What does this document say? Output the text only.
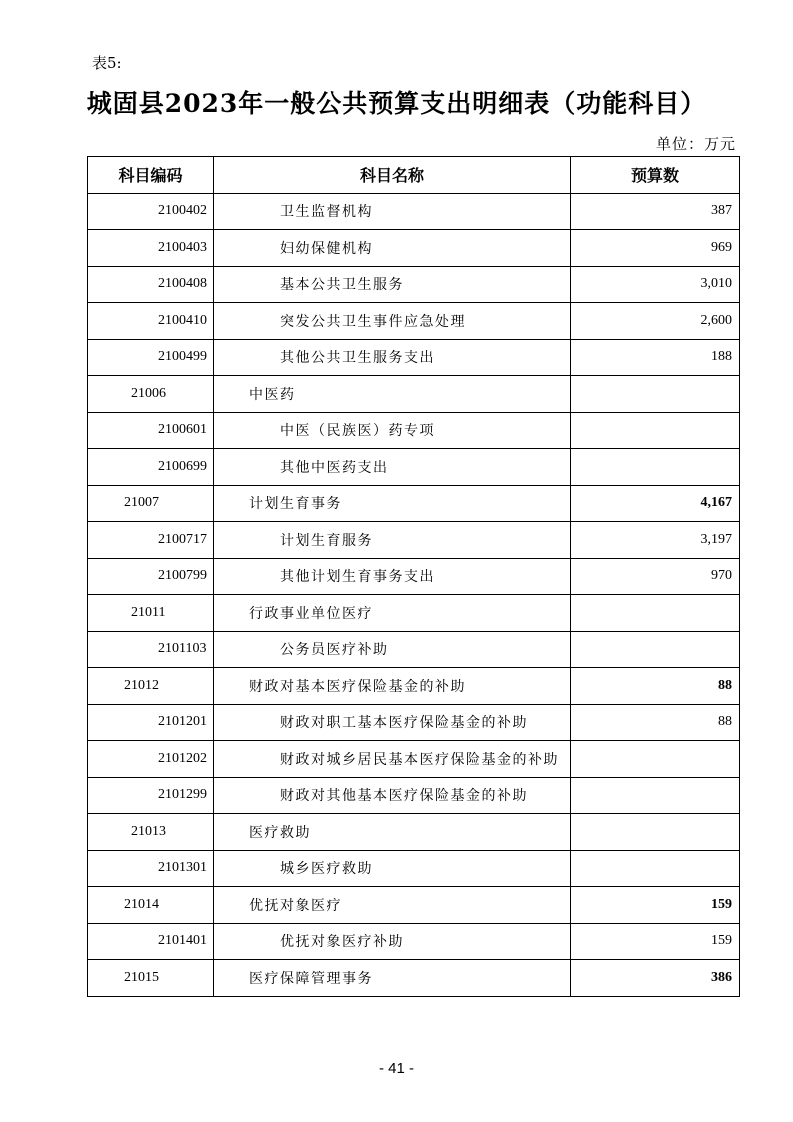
表5:
城固县2023年一般公共预算支出明细表（功能科目）
单位：万元
科目编码	科目名称	预算数
2100402	卫生监督机构	387
2100403	妇幼保健机构	969
2100408	基本公共卫生服务	3,010
2100410	突发公共卫生事件应急处理	2,600
2100499	其他公共卫生服务支出	188
21006	中医药	
2100601	中医（民族医）药专项	
2100699	其他中医药支出	
21007	计划生育事务	4,167
2100717	计划生育服务	3,197
2100799	其他计划生育事务支出	970
21011	行政事业单位医疗	
2101103	公务员医疗补助	
21012	财政对基本医疗保险基金的补助	88
2101201	财政对职工基本医疗保险基金的补助	88
2101202	财政对城乡居民基本医疗保险基金的补助	
2101299	财政对其他基本医疗保险基金的补助	
21013	医疗救助	
2101301	城乡医疗救助	
21014	优抚对象医疗	159
2101401	优抚对象医疗补助	159
21015	医疗保障管理事务	386
- 41 -
